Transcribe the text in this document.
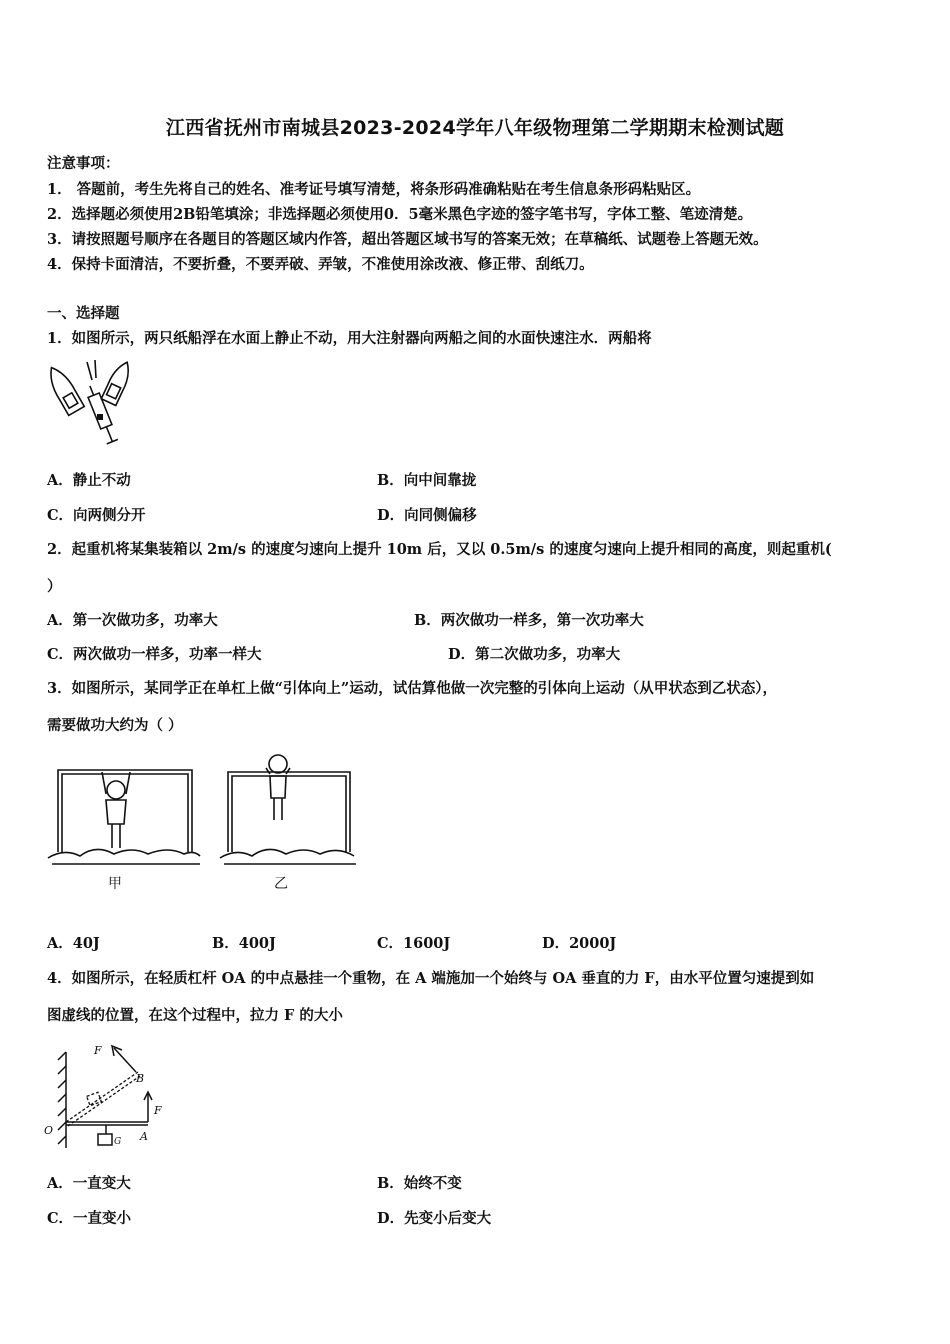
江西省抚州市南城县2023-2024学年八年级物理第二学期期末检测试题
注意事项：
1． 答题前，考生先将自己的姓名、准考证号填写清楚，将条形码准确粘贴在考生信息条形码粘贴区。
2．选择题必须使用2B铅笔填涂；非选择题必须使用0．5毫米黑色字迹的签字笔书写，字体工整、笔迹清楚。
3．请按照题号顺序在各题目的答题区域内作答，超出答题区域书写的答案无效；在草稿纸、试题卷上答题无效。
4．保持卡面清洁，不要折叠，不要弄破、弄皱，不准使用涂改液、修正带、刮纸刀。
一、选择题
1．如图所示，两只纸船浮在水面上静止不动，用大注射器向两船之间的水面快速注水．两船将
A．静止不动	B．向中间靠拢
C．向两侧分开	D．向同侧偏移
2．起重机将某集装箱以 2m/s 的速度匀速向上提升 10m 后，又以 0.5m/s 的速度匀速向上提升相同的高度，则起重机(
）
A．第一次做功多，功率大	B．两次做功一样多，第一次功率大
C．两次做功一样多，功率一样大	D．第二次做功多，功率大
3．如图所示，某同学正在单杠上做“引体向上”运动，试估算他做一次完整的引体向上运动（从甲状态到乙状态），
需要做功大约为（ ）
甲	乙
A．40J	B．400J	C．1600J	D．2000J
4．如图所示，在轻质杠杆 OA 的中点悬挂一个重物，在 A 端施加一个始终与 OA 垂直的力 F，由水平位置匀速提到如
图虚线的位置，在这个过程中，拉力 F 的大小
F
B
F
O
G A
A．一直变大	B．始终不变
C．一直变小	D．先变小后变大
